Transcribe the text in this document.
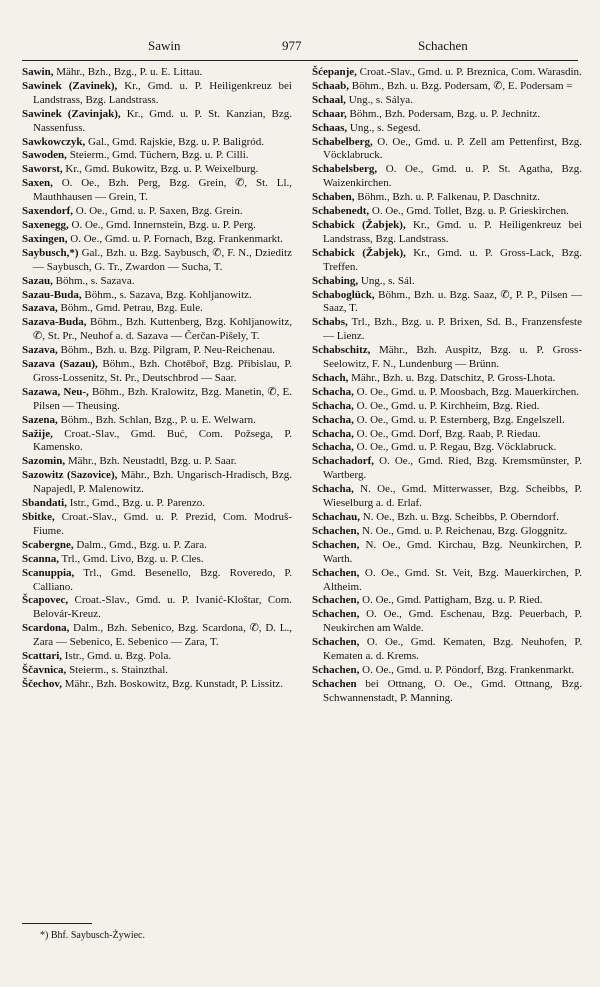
Sawin	977	Schachen

Sawin, Mähr., Bzh., Bzg., P. u. E. Littau.

Sawinek (Zavinek), Kr., Gmd. u. P. Heiligenkreuz bei Landstrass, Bzg. Landstrass.

Sawinek (Zavinjak), Kr., Gmd. u. P. St. Kanzian, Bzg. Nassenfuss.

Sawkowczyk, Gal., Gmd. Rajskie, Bzg. u. P. Baligród.

Sawoden, Steierm., Gmd. Tüchern, Bzg. u. P. Cilli.

Saworst, Kr., Gmd. Bukowitz, Bzg. u. P. Weixelburg.

Saxen, O. Oe., Bzh. Perg, Bzg. Grein, ✆, St. Ll., Mauthhausen — Grein, T.

Saxendorf, O. Oe., Gmd. u. P. Saxen, Bzg. Grein.

Saxenegg, O. Oe., Gmd. Innernstein, Bzg. u. P. Perg.

Saxingen, O. Oe., Gmd. u. P. Fornach, Bzg. Frankenmarkt.

Saybusch,*) Gal., Bzh. u. Bzg. Saybusch, ✆, F. N., Dzieditz — Saybusch, G. Tr., Zwardon — Sucha, T.

Sazau, Böhm., s. Sazava.

Sazau-Buda, Böhm., s. Sazava, Bzg. Kohljanowitz.

Sazava, Böhm., Gmd. Petrau, Bzg. Eule.

Sazava-Buda, Böhm., Bzh. Kuttenberg, Bzg. Kohljanowitz, ✆, St. Pr., Neuhof a. d. Sazava — Čerčan-Pišely, T.

Sazava, Böhm., Bzh. u. Bzg. Pilgram, P. Neu-Reichenau.

Sazava (Sazau), Böhm., Bzh. Chotěboř, Bzg. Přibislau, P. Gross-Lossenitz, St. Pr., Deutschbrod — Saar.

Sazawa, Neu-, Böhm., Bzh. Kralowitz, Bzg. Manetin, ✆, E. Pilsen — Theusing.

Sazena, Böhm., Bzh. Schlan, Bzg., P. u. E. Welwarn.

Sažije, Croat.-Slav., Gmd. Buć, Com. Požsega, P. Kamensko.

Sazomin, Mähr., Bzh. Neustadtl, Bzg. u. P. Saar.

Sazowitz (Sazovice), Mähr., Bzh. Ungarisch-Hradisch, Bzg. Napajedl, P. Malenowitz.

Sbandati, Istr., Gmd., Bzg. u. P. Parenzo.

Sbitke, Croat.-Slav., Gmd. u. P. Prezid, Com. Modruš-Fiume.

Scabergne, Dalm., Gmd., Bzg. u. P. Zara.

Scanna, Trl., Gmd. Livo, Bzg. u. P. Cles.

Scanuppia, Trl., Gmd. Besenello, Bzg. Roveredo, P. Calliano.

Šcapovec, Croat.-Slav., Gmd. u. P. Ivanić-Kloštar, Com. Belovár-Kreuz.

Scardona, Dalm., Bzh. Sebenico, Bzg. Scardona, ✆, D. L., Zara — Sebenico, E. Sebenico — Zara, T.

Scattari, Istr., Gmd. u. Bzg. Pola.

Ščavnica, Steierm., s. Stainzthal.

Ščechov, Mähr., Bzh. Boskowitz, Bzg. Kunstadt, P. Lissitz.

Šćepanje, Croat.-Slav., Gmd. u. P. Breznica, Com. Warasdin.

Schaab, Böhm., Bzh. u. Bzg. Podersam, ✆, E. Podersam =

Schaal, Ung., s. Sálya.

Schaar, Böhm., Bzh. Podersam, Bzg. u. P. Jechnitz.

Schaas, Ung., s. Segesd.

Schabelberg, O. Oe., Gmd. u. P. Zell am Pettenfirst, Bzg. Vöcklabruck.

Schabelsberg, O. Oe., Gmd. u. P. St. Agatha, Bzg. Waizenkirchen.

Schaben, Böhm., Bzh. u. P. Falkenau, P. Daschnitz.

Schabenedt, O. Oe., Gmd. Tollet, Bzg. u. P. Grieskirchen.

Schabick (Žabjek), Kr., Gmd. u. P. Heiligenkreuz bei Landstrass, Bzg. Landstrass.

Schabick (Žabjek), Kr., Gmd. u. P. Gross-Lack, Bzg. Treffen.

Schabing, Ung., s. Sál.

Schaboglück, Böhm., Bzh. u. Bzg. Saaz, ✆, P. P., Pilsen — Saaz, T.

Schabs, Trl., Bzh., Bzg. u. P. Brixen, Sd. B., Franzensfeste — Lienz.

Schabschitz, Mähr., Bzh. Auspitz, Bzg. u. P. Gross-Seelowitz, F. N., Lundenburg — Brünn.

Schach, Mähr., Bzh. u. Bzg. Datschitz, P. Gross-Lhota.

Schacha, O. Oe., Gmd. u. P. Moosbach, Bzg. Mauerkirchen.

Schacha, O. Oe., Gmd. u. P. Kirchheim, Bzg. Ried.

Schacha, O. Oe., Gmd. u. P. Esternberg, Bzg. Engelszell.

Schacha, O. Oe., Gmd. Dorf, Bzg. Raab, P. Riedau.

Schacha, O. Oe., Gmd. u. P. Regau, Bzg. Vöcklabruck.

Schachadorf, O. Oe., Gmd. Ried, Bzg. Kremsmünster, P. Wartberg.

Schacha, N. Oe., Gmd. Mitterwasser, Bzg. Scheibbs, P. Wieselburg a. d. Erlaf.

Schachau, N. Oe., Bzh. u. Bzg. Scheibbs, P. Oberndorf.

Schachen, N. Oe., Gmd. u. P. Reichenau, Bzg. Gloggnitz.

Schachen, N. Oe., Gmd. Kirchau, Bzg. Neunkirchen, P. Warth.

Schachen, O. Oe., Gmd. St. Veit, Bzg. Mauerkirchen, P. Altheim.

Schachen, O. Oe., Gmd. Pattigham, Bzg. u. P. Ried.

Schachen, O. Oe., Gmd. Eschenau, Bzg. Peuerbach, P. Neukirchen am Walde.

Schachen, O. Oe., Gmd. Kematen, Bzg. Neuhofen, P. Kematen a. d. Krems.

Schachen, O. Oe., Gmd. u. P. Pöndorf, Bzg. Frankenmarkt.

Schachen bei Ottnang, O. Oe., Gmd. Ottnang, Bzg. Schwannenstadt, P. Manning.

*) Bhf. Saybusch-Żywiec.
